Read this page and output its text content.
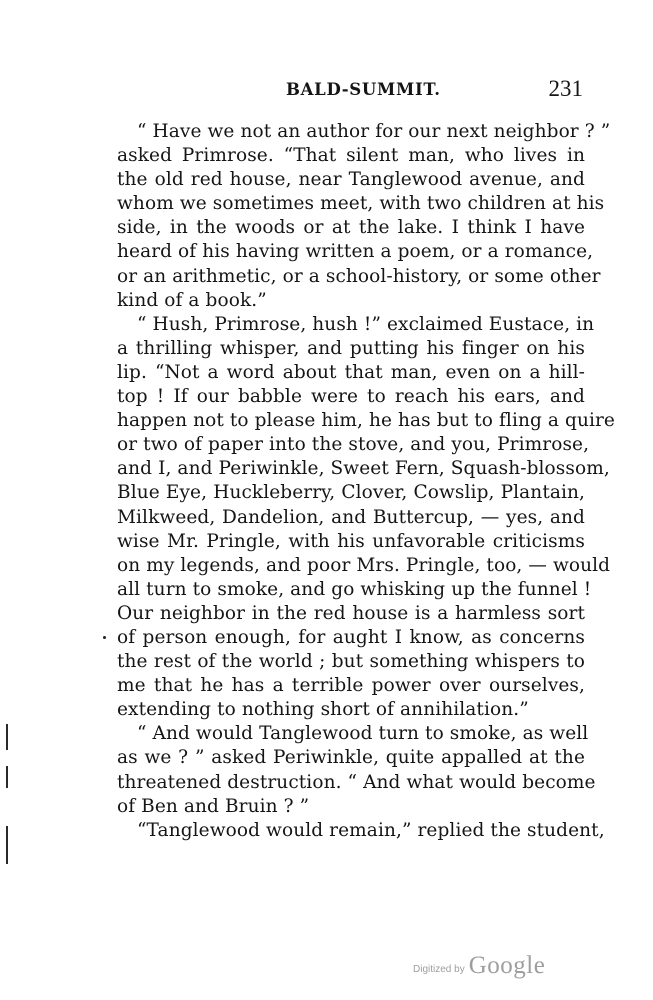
BALD-SUMMIT.	231
“ Have we not an author for our next neighbor ? ”
asked Primrose. “That silent man, who lives in
the old red house, near Tanglewood avenue, and
whom we sometimes meet, with two children at his
side, in the woods or at the lake. I think I have
heard of his having written a poem, or a romance,
or an arithmetic, or a school-history, or some other
kind of a book.”
“ Hush, Primrose, hush !” exclaimed Eustace, in
a thrilling whisper, and putting his finger on his
lip. “Not a word about that man, even on a hill-
top ! If our babble were to reach his ears, and
happen not to please him, he has but to fling a quire
or two of paper into the stove, and you, Primrose,
and I, and Periwinkle, Sweet Fern, Squash-blossom,
Blue Eye, Huckleberry, Clover, Cowslip, Plantain,
Milkweed, Dandelion, and Buttercup, — yes, and
wise Mr. Pringle, with his unfavorable criticisms
on my legends, and poor Mrs. Pringle, too, — would
all turn to smoke, and go whisking up the funnel !
Our neighbor in the red house is a harmless sort
of person enough, for aught I know, as concerns
the rest of the world ; but something whispers to
me that he has a terrible power over ourselves,
extending to nothing short of annihilation.”
“ And would Tanglewood turn to smoke, as well
as we ? ” asked Periwinkle, quite appalled at the
threatened destruction. “ And what would become
of Ben and Bruin ? ”
“Tanglewood would remain,” replied the student,
Digitized by Google
